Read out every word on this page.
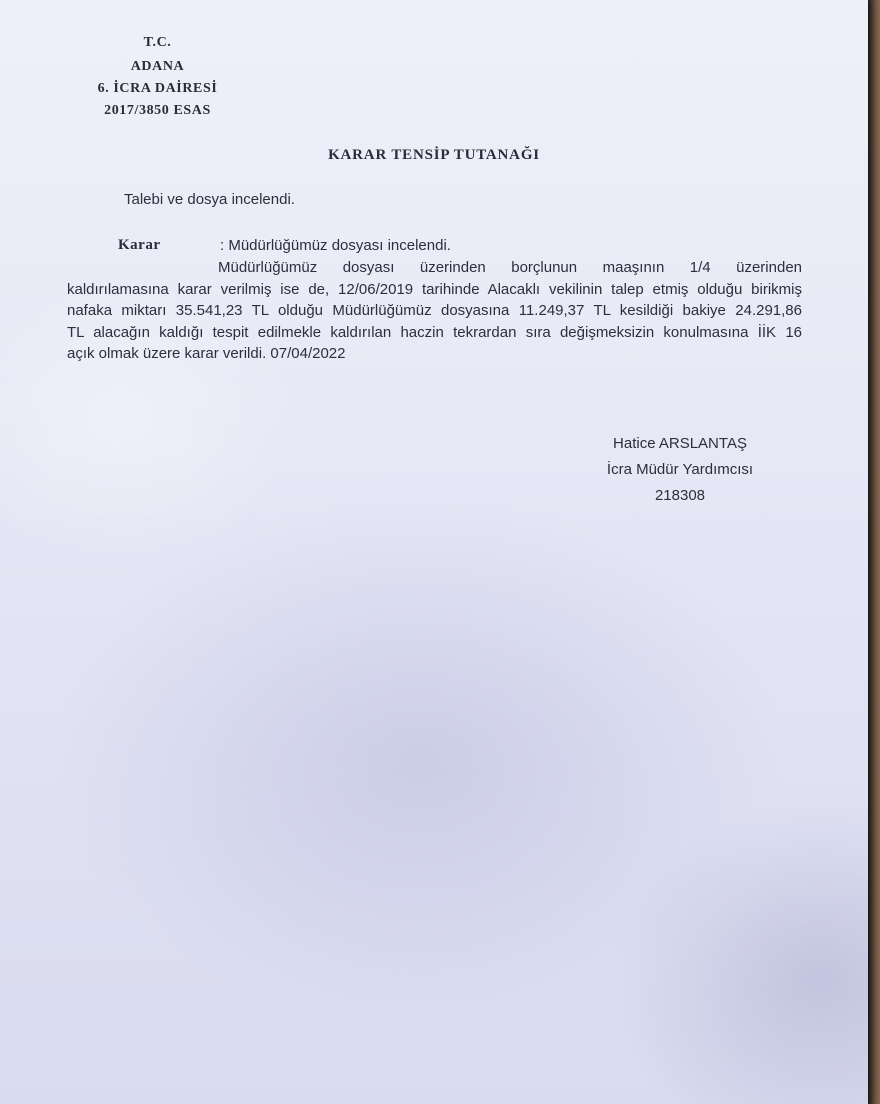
T.C.

ADANA

6. İCRA DAİRESİ

2017/3850 ESAS

KARAR TENSİP TUTANAĞI

Talebi ve dosya incelendi.

Karar	: Müdürlüğümüz dosyası incelendi.

Müdürlüğümüz dosyası üzerinden borçlunun maaşının 1/4 üzerinden

kaldırılamasına karar verilmiş ise de, 12/06/2019 tarihinde Alacaklı vekilinin talep etmiş olduğu birikmiş

nafaka miktarı 35.541,23 TL olduğu Müdürlüğümüz dosyasına 11.249,37 TL kesildiği bakiye 24.291,86

TL alacağın kaldığı tespit edilmekle kaldırılan haczin tekrardan sıra değişmeksizin konulmasına İİK 16

açık olmak üzere karar verildi. 07/04/2022

Hatice ARSLANTAŞ

İcra Müdür Yardımcısı

218308
